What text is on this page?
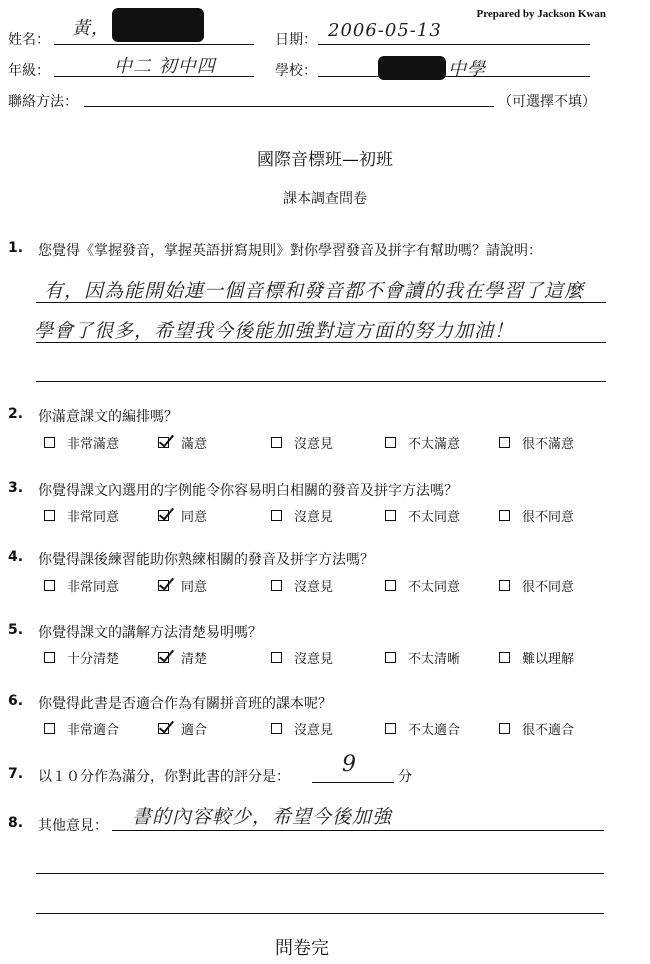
Prepared by Jackson Kwan
姓名：
黃，
日期： 2006-05-13
年級：	中二 初中四	學校：	中學
聯絡方法：	（可選擇不填）
國際音標班—初班
課本調查問卷
1. 您覺得《掌握發音，掌握英語拼寫規則》對你學習發音及拼字有幫助嗎？請說明：
有，因為能開始連一個音標和發音都不會讀的我在學習了這麼
學會了很多，希望我今後能加強對這方面的努力加油！
2. 你滿意課文的編排嗎？
非常滿意	滿意	沒意見	不太滿意	很不滿意
3. 你覺得課文內選用的字例能令你容易明白相關的發音及拼字方法嗎？
非常同意	同意	沒意見	不太同意	很不同意
4. 你覺得課後練習能助你熟練相關的發音及拼字方法嗎？
非常同意	同意	沒意見	不太同意	很不同意
5. 你覺得課文的講解方法清楚易明嗎？
十分清楚	清楚	沒意見	不太清晰	難以理解
6. 你覺得此書是否適合作為有關拼音班的課本呢？
非常適合	適合	沒意見	不太適合	很不適合
7. 以１０分作為滿分，你對此書的評分是： 9	分
8. 其他意見： 書的內容較少，希望今後加強
問卷完
